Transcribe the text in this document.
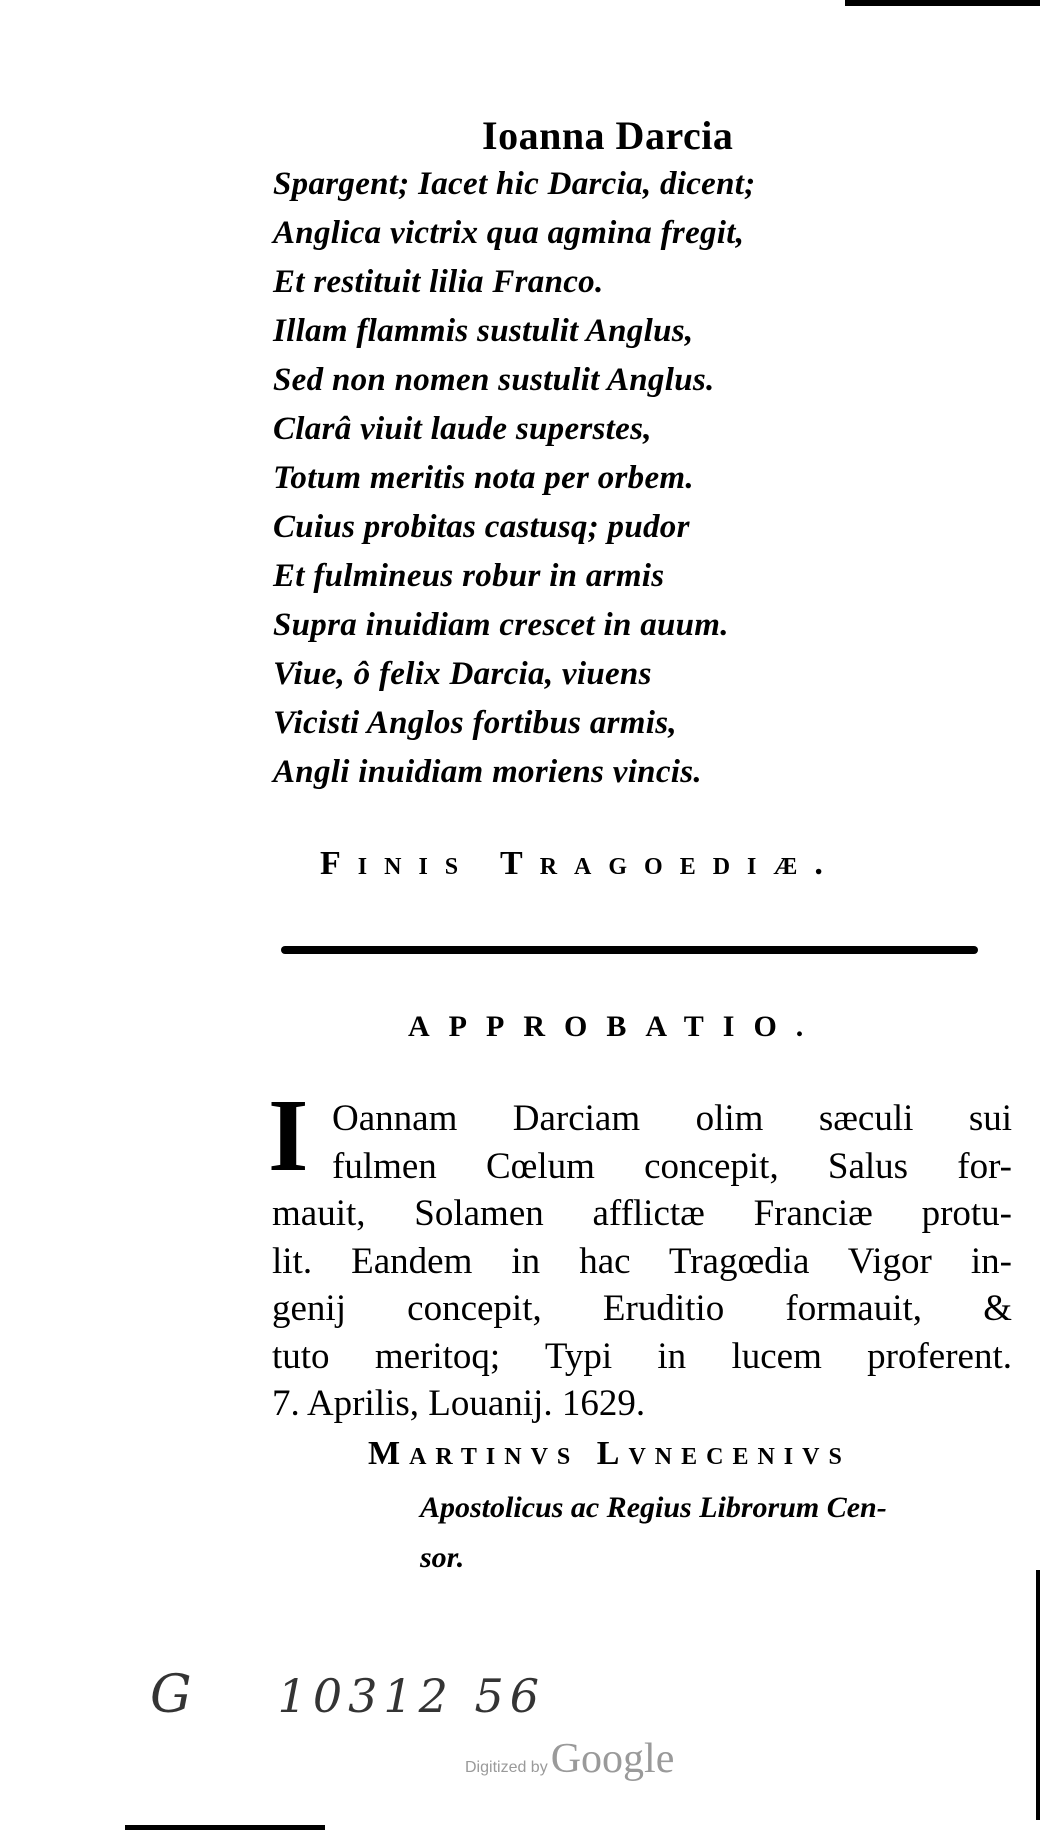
Ioanna Darcia
Spargent; Iacet hic Darcia, dicent;
Anglica victrix qua agmina fregit,
Et restituit lilia Franco.
Illam flammis sustulit Anglus,
Sed non nomen sustulit Anglus.
Clarâ viuit laude superstes,
Totum meritis nota per orbem.
Cuius probitas castusq; pudor
Et fulmineus robur in armis
Supra inuidiam crescet in auum.
Viue, ô felix Darcia, viuens
Vicisti Anglos fortibus armis,
Angli inuidiam moriens vincis.
Finis Tragoediæ.
APPROBATIO.
I Oannam Darciam olim sæculi sui
fulmen Cœlum concepit, Salus for-
mauit, Solamen afflictæ Franciæ protu-
lit. Eandem in hac Tragœdia Vigor in-
genij concepit, Eruditio formauit, &
tuto meritoq; Typi in lucem proferent.
7. Aprilis, Louanij. 1629.
Martinvs Lvnecenivs
Apostolicus ac Regius Librorum Cen-
sor.
G 10312 56
Digitized byGoogle
